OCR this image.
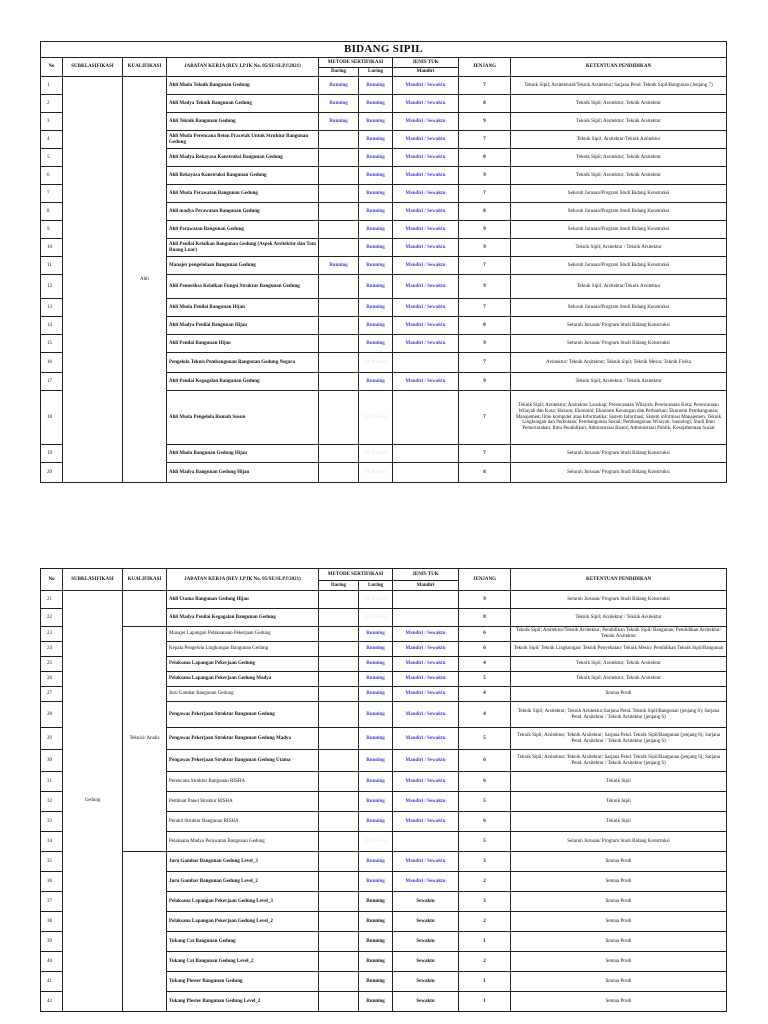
BIDANG SIPIL								
No	SUBKLASIFIKASI	KUALIFIKASI	JABATAN KERJA (REV LPJK No. 05/SE/SLPJ/2021)	METODE SERTIFIKASI		JENIS TUK	JENJANG	KETENTUAN PENDIDIKAN
				Daring	Luring	Mandiri		
1		Ahli	Ahli Muda Teknik Bangunan Gedung	Running	Running	Mandiri / Sewaktu	7	Teknik Sipil; Arsitektural/Teknik Arsitektur; Sarjana Pend. Teknik Sipil/Bangunan (Jenjang 7)
2			Ahli Madya Teknik Bangunan Gedung	Running	Running	Mandiri / Sewaktu	8	Teknik Sipil; Arsitektur; Teknik Arsitektur
3			Ahli Teknik Bangunan Gedung	Running	Running	Mandiri / Sewaktu	9	Teknik Sipil; Arsitektur; Teknik Arsitektur
4			Ahli Muda Perencana Beton Pracetak Untuk Struktur Bangunan Gedung		Running	Mandiri / Sewaktu	7	Teknik Sipil; Arsitektur/Teknik Arsitektur
5			Ahli Madya Rekayasa Konstruksi Bangunan Gedung		Running	Mandiri / Sewaktu	8	Teknik Sipil; Arsitektur; Teknik Arsitektur
6			Ahli Rekayasa Konstruksi Bangunan Gedung		Running	Mandiri / Sewaktu	9	Teknik Sipil; Arsitektur; Teknik Arsitektur
7			Ahli Muda Perawatan Bangunan Gedung		Running	Mandiri / Sewaktu	7	Seluruh Jurusan/Program Studi Bidang Konstruksi
8			Ahli madya Perawatan Bangunan Gedung		Running	Mandiri / Sewaktu	8	Seluruh Jurusan/Program Studi Bidang Konstruksi
9			Ahli Perawatan Bangunan Gedung		Running	Mandiri / Sewaktu	9	Seluruh Jurusan/Program Studi Bidang Konstruksi
10			Ahli Penilai Kelaikan Bangunan Gedung (Aspek Arsitektur dan Tata Ruang Luar)		Running	Mandiri / Sewaktu	9	Teknik Sipil; Arsitektur / Teknik Arsitektur
11			Manajer pengelolaan Bangunan Gedung	Running	Running	Mandiri / Sewaktu	7	Seluruh Jurusan/Program Studi Bidang Konstruksi
12			Ahli Pemeriksa Kelaikan Fungsi Struktur Bangunan Gedung		Running	Mandiri / Sewaktu	9	Teknik Sipil; Arsitektur/Teknik Arsitektur
13			Ahli Muda Penilai Bangunan Hijau		Running	Mandiri / Sewaktu	7	Seluruh Jurusan/Program Studi Bidang Konstruksi
14			Ahli Madya Penilai Bangunan Hijau		Running	Mandiri / Sewaktu	8	Seluruh Jurusan/ Program Studi Bidang Konstruksi
15			Ahli Penilai Bangunan Hijau		Running	Mandiri / Sewaktu	9	Seluruh Jurusan/ Program Studi Bidang Konstruksi
16			Pengelola Teknis Pembangunan Bangunan Gedung Negara		On Process		7	Arsitektur/ Teknik Arsitektur; Teknik Sipil; Teknik Mesin; Teknik Fisika
17			Ahli Penilai Kegagalan Bangunan Gedung		Running	Mandiri / Sewaktu	9	Teknik Sipil; Arsitektur / Teknik Arsitektur
18			Ahli Muda Pengelola Rumah Susun		On Process		7	Teknik Sipil; Arsitektur; Arsitektur Lanskap; Perencanaan Wilayah; Perencanaan Kota; Perencanaan Wilayah dan Kota; Hukum; Ekonomi; Ekonomi Keuangan dan Perbankan; Ekonomi Pembangunan; Manajemen; Ilmu komputer atau Informatika; Sistem Informasi; Sistem informasi Manajemen; Teknik Lingkungan dan Perkotaan; Pembangunan Sosial; Pembangunan Wilayah; Sosiologi; Studi Ilmu Pemerintahan; Ilmu Pendidikan; Administrasi Bisnis; Administrasi Publik; Kesejahteraan Sosial
19			Ahli Muda Bangunan Gedung Hijau		On Process		7	Seluruh Jurusan/ Program Studi Bidang Konstruksi
20			Ahli Madya Bangunan Gedung Hijau		On Process		8	Seluruh Jurusan/ Program Studi Bidang Konstruksi
No	SUBKLASIFIKASI	KUALIFIKASI	JABATAN KERJA (REV LPJK No. 05/SE/SLPJ/2021)	METODE SERTIFIKASI		JENIS TUK	JENJANG	KETENTUAN PENDIDIKAN
				Daring	Luring	Mandiri		
21	Gedung		Ahli Utama Bangunan Gedung Hijau		On Process		9	Seluruh Jurusan/ Program Studi Bidang Konstruksi
22			Ahli Madya Penilai Kegagalan Bangunan Gedung		On Process		8	Teknik Sipil; Arsitektur / Teknik Arsitektur
23		Teknisi/ Analis	Manajer Lapangan Pelaksanaan Pekerjaan Gedung		Running	Mandiri / Sewaktu	6	Teknik Sipil; Arsitektur/Teknik Arsitektur; Pendidikan Teknik Sipil/ Bangunan; Pendidikan Arsitektur/ Teknik Arsitektur
24			Kepala Pengelola Lingkungan Bangunan Gedung		Running	Mandiri / Sewaktu	6	Teknik Sipil/ Teknik Lingkungan/ Teknik Penyehatan/ Teknik Mesin/ Pendidikan Teknik Sipil/Bangunan
25			Pelaksana Lapangan Pekerjaan Gedung		Running	Mandiri / Sewaktu	4	Teknik Sipil; Arsitektur; Teknik Arsitektur
26			Pelaksana Lapangan Pekerjaan Gedung Madya		Running	Mandiri / Sewaktu	5	Teknik Sipil; Arsitektur; Teknik Arsitektur
27			Juru Gambar Bangunan Gedung		Running	Mandiri / Sewaktu	4	Semua Prodi
28			Pengawas Pekerjaan Struktur Bangunan Gedung		Running	Mandiri / Sewaktu	4	Teknik Sipil; Arsitektur; Teknik Arsitektur;Sarjana Pend. Teknik Sipil/Bangunan (jenjang 6); Sarjana Pend. Arsitektur / Teknik Arsitektur (jenjang 6)
29			Pengawas Pekerjaan Struktur Bangunan Gedung Madya		Running	Mandiri / Sewaktu	5	Teknik Sipil; Arsitektur; Teknik Arsitektur; Sarjana Pend. Teknik Sipil/Bangunan (jenjang 6); Sarjana Pend. Arsitektur / Teknik Arsitektur (jenjang 6)
30			Pengawas Pekerjaan Struktur Bangunan Gedung Utama		Running	Mandiri / Sewaktu	6	Teknik Sipil; Arsitektur; Teknik Arsitektur; Sarjana Pend. Teknik Sipil/Bangunan (jenjang 6); Sarjana Pend. Arsitektur / Teknik Arsitektur (jenjang 6)
31			Perencana Struktur Bangunan RISHA		Running	Mandiri / Sewaktu	6	Teknik Sipil
32			Pembuat Panel Struktur RISHA		Running	Mandiri / Sewaktu	5	Teknik Sipil
33			Perakit Struktur Bangunan RISHA		Running	Mandiri / Sewaktu	6	Teknik Sipil
34			Pelaksana Madya Perawatan Bangunan Gedung		On Process		5	Seluruh Jurusan/ Program Studi Bidang Konstruksi
35			Juru Gambar Bangunan Gedung Level_3		Running	Mandiri / Sewaktu	3	Semua Prodi
36			Juru Gambar Bangunan Gedung Level_2		Running	Mandiri / Sewaktu	2	Semua Prodi
37			Pelaksana Lapangan Pekerjaan Gedung Level_3		Running	Sewaktu	3	Semua Prodi
38			Pelaksana Lapangan Pekerjaan Gedung Level_2		Running	Sewaktu	2	Semua Prodi
39			Tukang Cat Bangunan Gedung		Running	Sewaktu	1	Semua Prodi
40			Tukang Cat Bangunan Gedung Level_2		Running	Sewaktu	2	Semua Prodi
41			Tukang Plester Bangunan Gedung		Running	Sewaktu	1	Semua Prodi
42			Tukang Plester Bangunan Gedung Level_2		Running	Sewaktu	1	Semua Prodi
